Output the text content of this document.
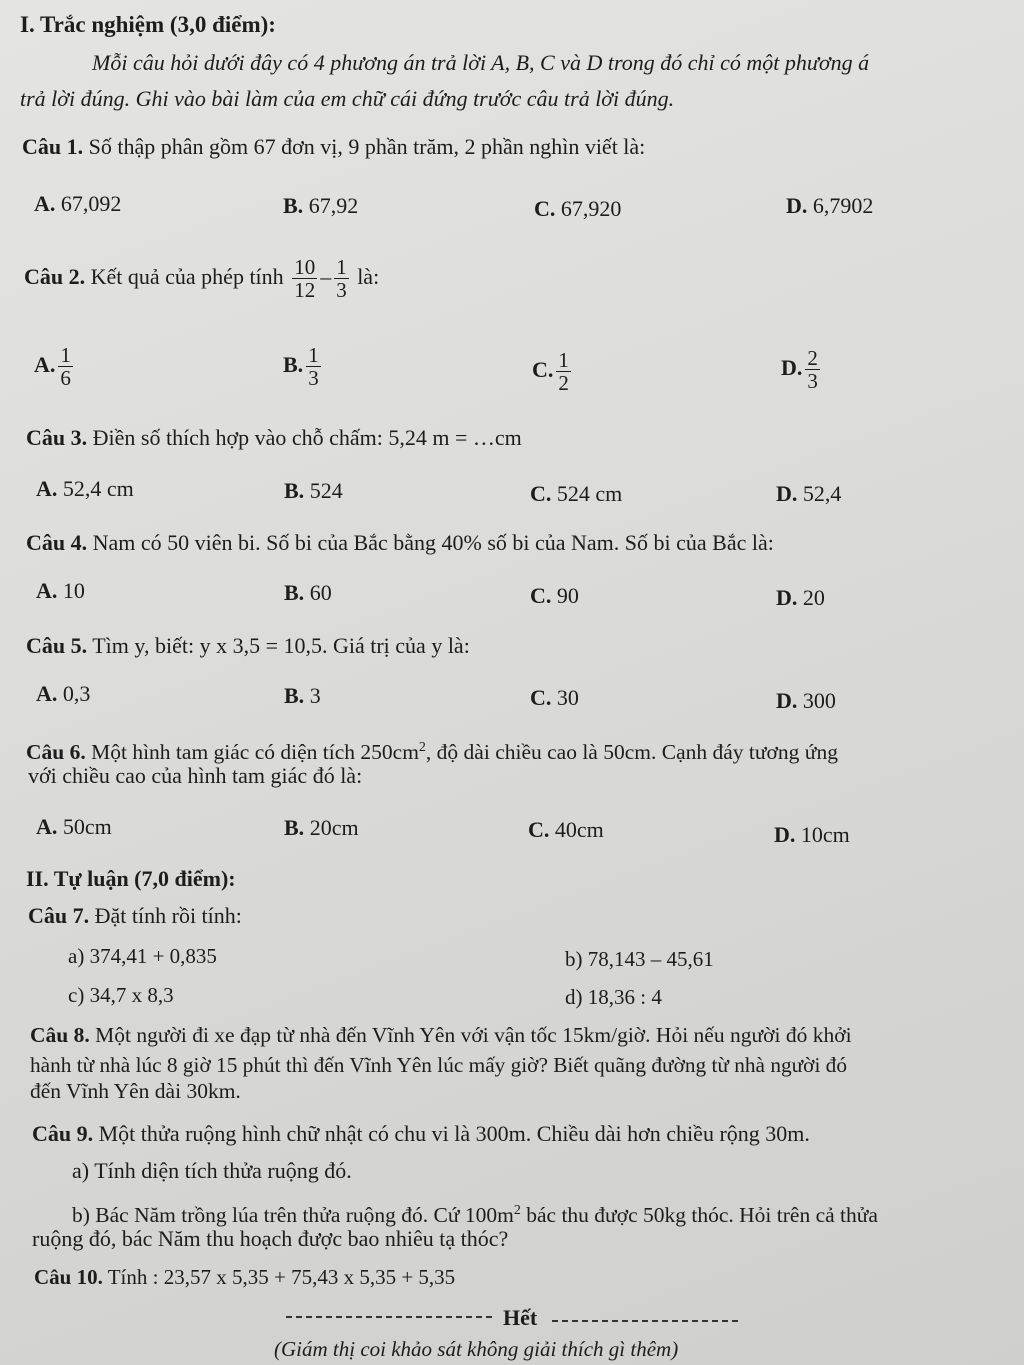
I. Trắc nghiệm (3,0 điểm):
Mỗi câu hỏi dưới đây có 4 phương án trả lời A, B, C và D trong đó chỉ có một phương á
trả lời đúng. Ghi vào bài làm của em chữ cái đứng trước câu trả lời đúng.
Câu 1. Số thập phân gồm 67 đơn vị, 9 phần trăm, 2 phần nghìn viết là:
A. 67,092	B. 67,92	C. 67,920	D. 6,7902
Câu 2. Kết quả của phép tính $\frac{10}{12} - \frac{1}{3}$ là:
A. $\frac{1}{6}$	B. $\frac{1}{3}$	C. $\frac{1}{2}$	D. $\frac{2}{3}$
Câu 3. Điền số thích hợp vào chỗ chấm: 5,24 m = …cm
A. 52,4 cm	B. 524	C. 524 cm	D. 52,4
Câu 4. Nam có 50 viên bi. Số bi của Bắc bằng 40% số bi của Nam. Số bi của Bắc là:
A. 10	B. 60	C. 90	D. 20
Câu 5. Tìm y, biết: y x 3,5 = 10,5. Giá trị của y là:
A. 0,3	B. 3	C. 30	D. 300
Câu 6. Một hình tam giác có diện tích $250cm^2$, độ dài chiều cao là 50cm. Cạnh đáy tương ứng
với chiều cao của hình tam giác đó là:
A. 50cm	B. 20cm	C. 40cm	D. 10cm
II. Tự luận (7,0 điểm):
Câu 7. Đặt tính rồi tính:
a) 374,41 + 0,835	b) 78,143 – 45,61
c) 34,7 x 8,3	d) 18,36 : 4
Câu 8. Một người đi xe đạp từ nhà đến Vĩnh Yên với vận tốc 15km/giờ. Hỏi nếu người đó khởi
hành từ nhà lúc 8 giờ 15 phút thì đến Vĩnh Yên lúc mấy giờ? Biết quãng đường từ nhà người đó
đến Vĩnh Yên dài 30km.
Câu 9. Một thửa ruộng hình chữ nhật có chu vi là 300m. Chiều dài hơn chiều rộng 30m.
a) Tính diện tích thửa ruộng đó.
b) Bác Năm trồng lúa trên thửa ruộng đó. Cứ $100m^2$ bác thu được 50kg thóc. Hỏi trên cả thửa
ruộng đó, bác Năm thu hoạch được bao nhiêu tạ thóc?
Câu 10. Tính : 23,57 x 5,35 + 75,43 x 5,35 + 5,35
Hết
(Giám thị coi khảo sát không giải thích gì thêm)
